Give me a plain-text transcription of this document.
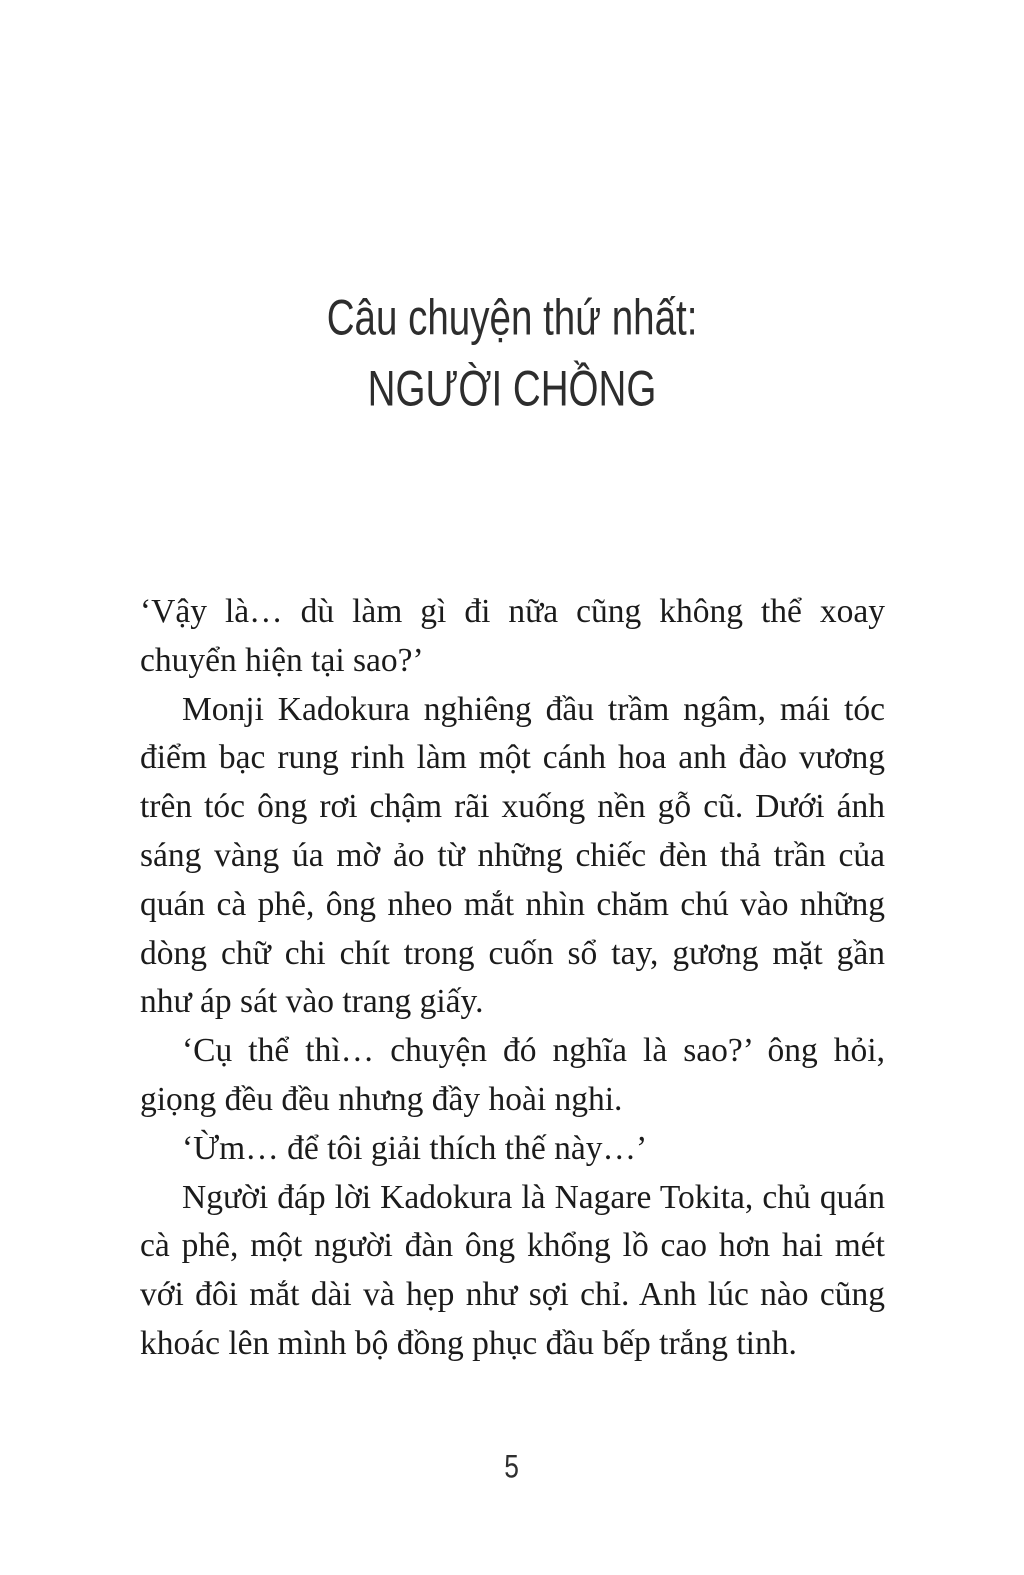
Câu chuyện thứ nhất:
NGƯỜI CHỒNG

‘Vậy là… dù làm gì đi nữa cũng không thể xoay chuyển hiện tại sao?’

Monji Kadokura nghiêng đầu trầm ngâm, mái tóc điểm bạc rung rinh làm một cánh hoa anh đào vương trên tóc ông rơi chậm rãi xuống nền gỗ cũ. Dưới ánh sáng vàng úa mờ ảo từ những chiếc đèn thả trần của quán cà phê, ông nheo mắt nhìn chăm chú vào những dòng chữ chi chít trong cuốn sổ tay, gương mặt gần như áp sát vào trang giấy.

‘Cụ thể thì… chuyện đó nghĩa là sao?’ ông hỏi, giọng đều đều nhưng đầy hoài nghi.

‘Ừm… để tôi giải thích thế này…’

Người đáp lời Kadokura là Nagare Tokita, chủ quán cà phê, một người đàn ông khổng lồ cao hơn hai mét với đôi mắt dài và hẹp như sợi chỉ. Anh lúc nào cũng khoác lên mình bộ đồng phục đầu bếp trắng tinh.

5
